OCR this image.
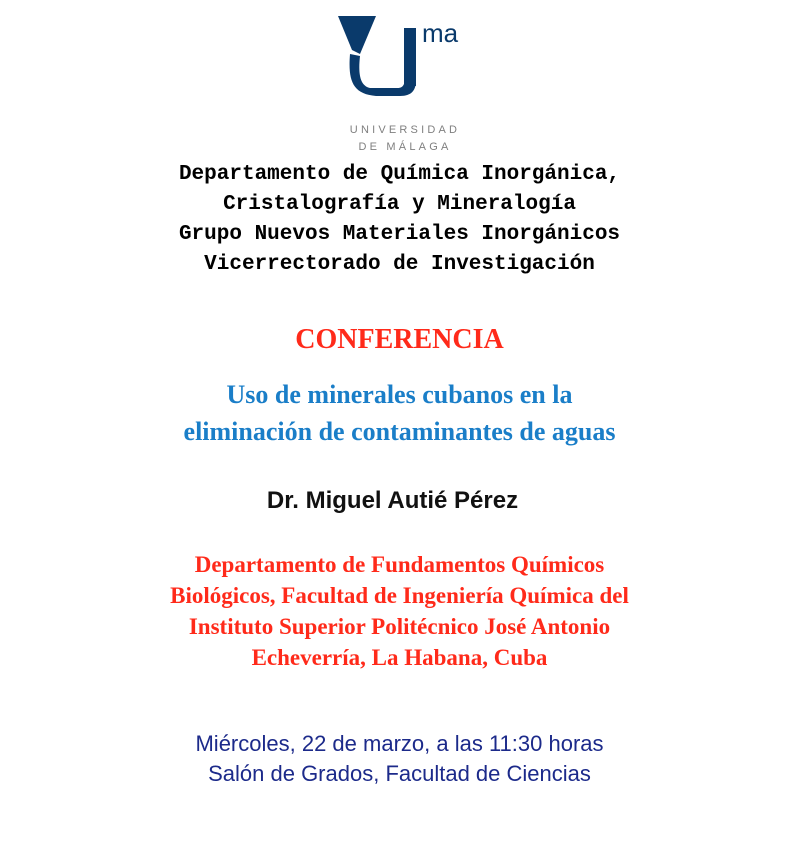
ma
UNIVERSIDAD
DE MÁLAGA
Departamento de Química Inorgánica,
Cristalografía y Mineralogía
Grupo Nuevos Materiales Inorgánicos
Vicerrectorado de Investigación
CONFERENCIA
Uso de minerales cubanos en la
eliminación de contaminantes de aguas
Dr. Miguel Autié Pérez
Departamento de Fundamentos Químicos
Biológicos, Facultad de Ingeniería Química del
Instituto Superior Politécnico José Antonio
Echeverría, La Habana, Cuba
Miércoles, 22 de marzo, a las 11:30 horas
Salón de Grados, Facultad de Ciencias
